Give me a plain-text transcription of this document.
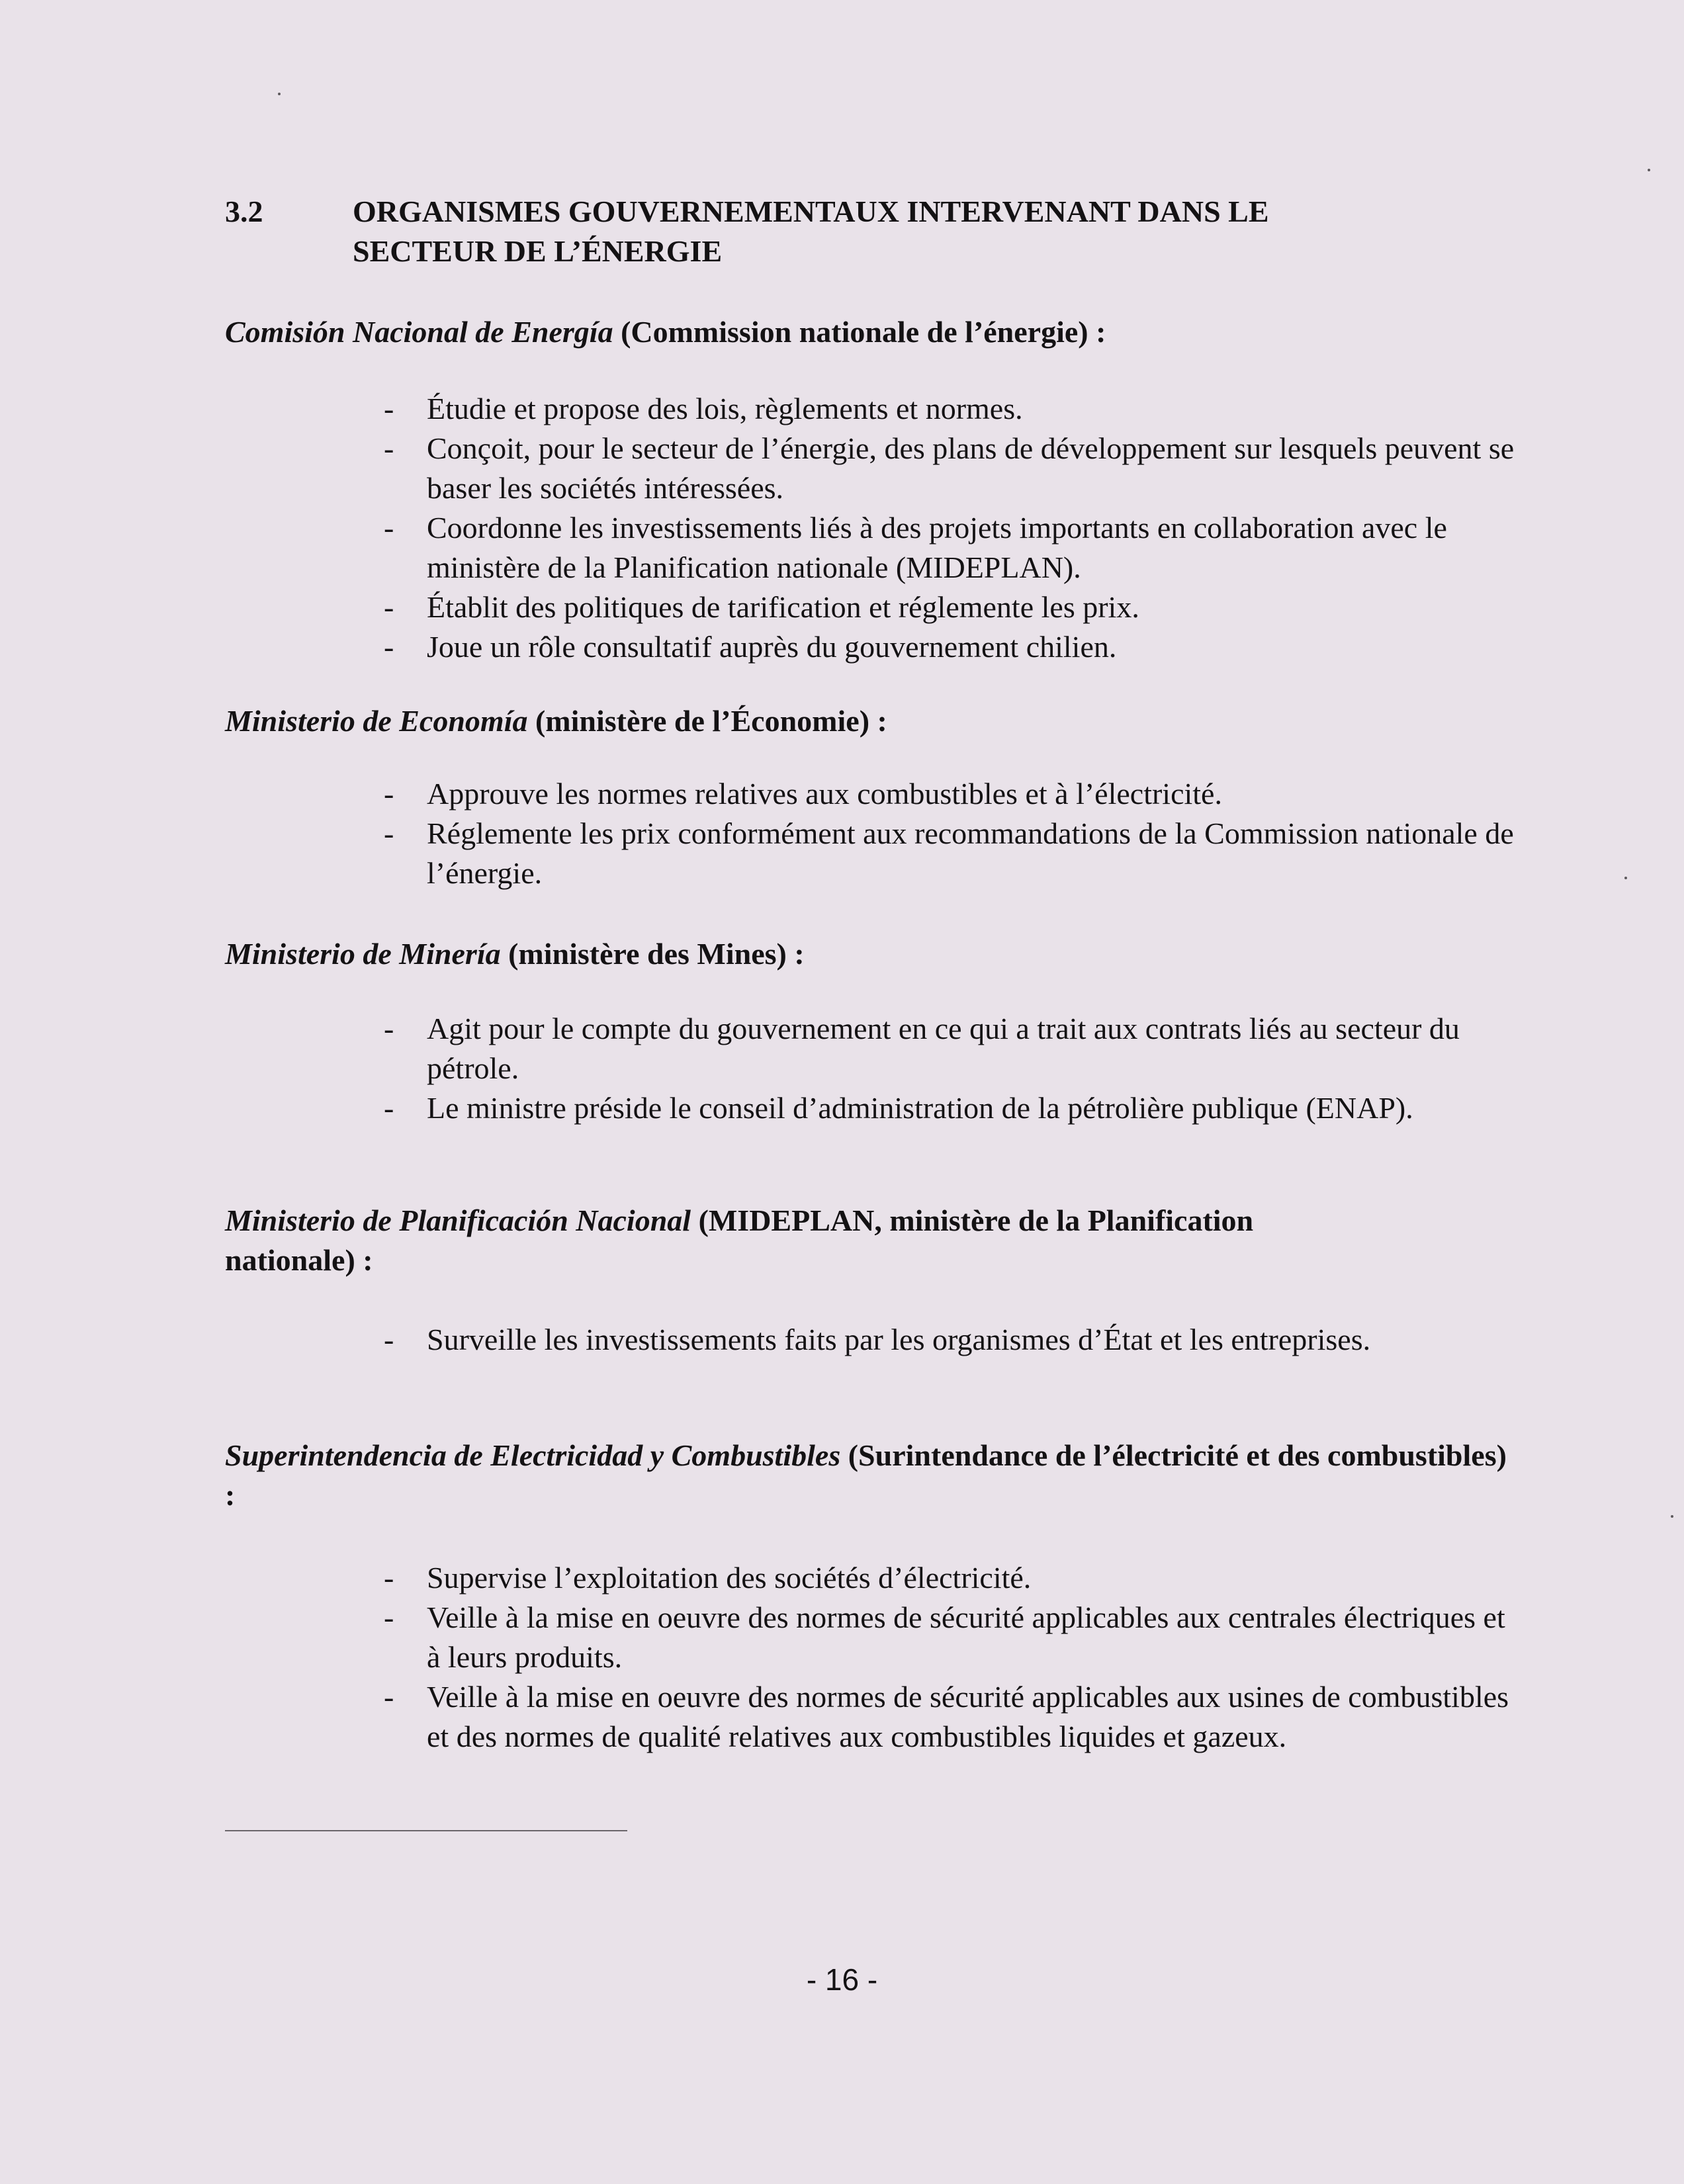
3.2	ORGANISMES GOUVERNEMENTAUX INTERVENANT DANS LE
SECTEUR DE L’ÉNERGIE
Comisión Nacional de Energía (Commission nationale de l’énergie) :
- Étudie et propose des lois, règlements et normes.
- Conçoit, pour le secteur de l’énergie, des plans de développement sur lesquels peuvent se baser les sociétés intéressées.
- Coordonne les investissements liés à des projets importants en collaboration avec le ministère de la Planification nationale (MIDEPLAN).
- Établit des politiques de tarification et réglemente les prix.
- Joue un rôle consultatif auprès du gouvernement chilien.
Ministerio de Economía (ministère de l’Économie) :
- Approuve les normes relatives aux combustibles et à l’électricité.
- Réglemente les prix conformément aux recommandations de la Commission nationale de l’énergie.
Ministerio de Minería (ministère des Mines) :
- Agit pour le compte du gouvernement en ce qui a trait aux contrats liés au secteur du pétrole.
- Le ministre préside le conseil d’administration de la pétrolière publique (ENAP).
Ministerio de Planificación Nacional (MIDEPLAN, ministère de la Planification nationale) :
- Surveille les investissements faits par les organismes d’État et les entreprises.
Superintendencia de Electricidad y Combustibles (Surintendance de l’électricité et des combustibles) :
- Supervise l’exploitation des sociétés d’électricité.
- Veille à la mise en oeuvre des normes de sécurité applicables aux centrales électriques et à leurs produits.
- Veille à la mise en oeuvre des normes de sécurité applicables aux usines de combustibles et des normes de qualité relatives aux combustibles liquides et gazeux.
- 16 -
